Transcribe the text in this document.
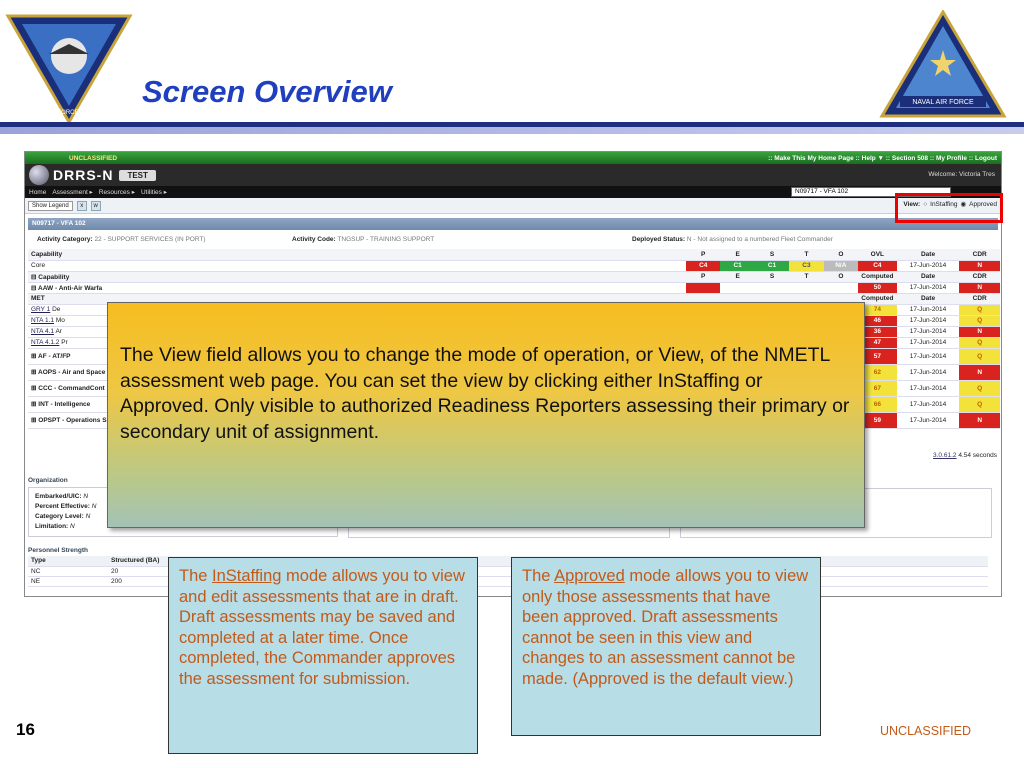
NAVAL AIR FORCE · ATLANTIC
Screen Overview	NAVAL AIR FORCE
UNCLASSIFIED	:: Make This My Home Page :: Help ▼ :: Section 508 :: My Profile :: Logout
DRRS-N	TEST	Welcome: Victoria Tres
Home Assessment ▸ Resources ▸ Utilities ▸	N09717 - VFA 102
Show Legend	x	w	View: ○ InStaffing ◉ Approved
N09717 - VFA 102
Activity Category: 22 - SUPPORT SERVICES (IN PORT)	Activity Code: TNGSUP - TRAINING SUPPORT	Deployed Status: N - Not assigned to a numbered Fleet Commander
Capability	P	E	S	T	O	OVL	Date	CDR
Core	C4	C1	C1	C3	N/A	C4	17-Jun-2014	N
⊟ Capability	P	E	S	T	O	Computed	Date	CDR
⊟ AAW - Anti-Air Warfa						50	17-Jun-2014	N
MET						Computed	Date	CDR
GRY 1 De						74	17-Jun-2014	Q
NTA 1.1 Mo						46	17-Jun-2014	Q
NTA 4.1 Ar						36	17-Jun-2014	N
NTA 4.1.2 Pr						47	17-Jun-2014	Q
⊞ AF - AT/FP						57	17-Jun-2014	Q
⊞ AOPS - Air and Space						62	17-Jun-2014	N
⊞ CCC - CommandCont						67	17-Jun-2014	Q
⊞ INT - Intelligence						66	17-Jun-2014	Q
⊞ OPSPT - Operations S						59	17-Jun-2014	N
3.0.61.2 4.54 seconds
Organization
Embarked/UIC: N
Percent Effective: N
Category Level: N
Limitation: N
Personnel Strength
Type	Structured (BA)
NC	20
NE	200
The View field allows you to change the mode of operation, or View, of the NMETL assessment web page. You can set the view by clicking either InStaffing or Approved. Only visible to authorized Readiness Reporters assessing their primary or secondary unit of assignment.
The InStaffing mode allows you to view and edit assessments that are in draft. Draft assessments may be saved and completed at a later time. Once completed, the Commander approves the assessment for submission.
The Approved mode allows you to view only those assessments that have been approved. Draft assessments cannot be seen in this view and changes to an assessment cannot be made. (Approved is the default view.)
16	UNCLASSIFIED
